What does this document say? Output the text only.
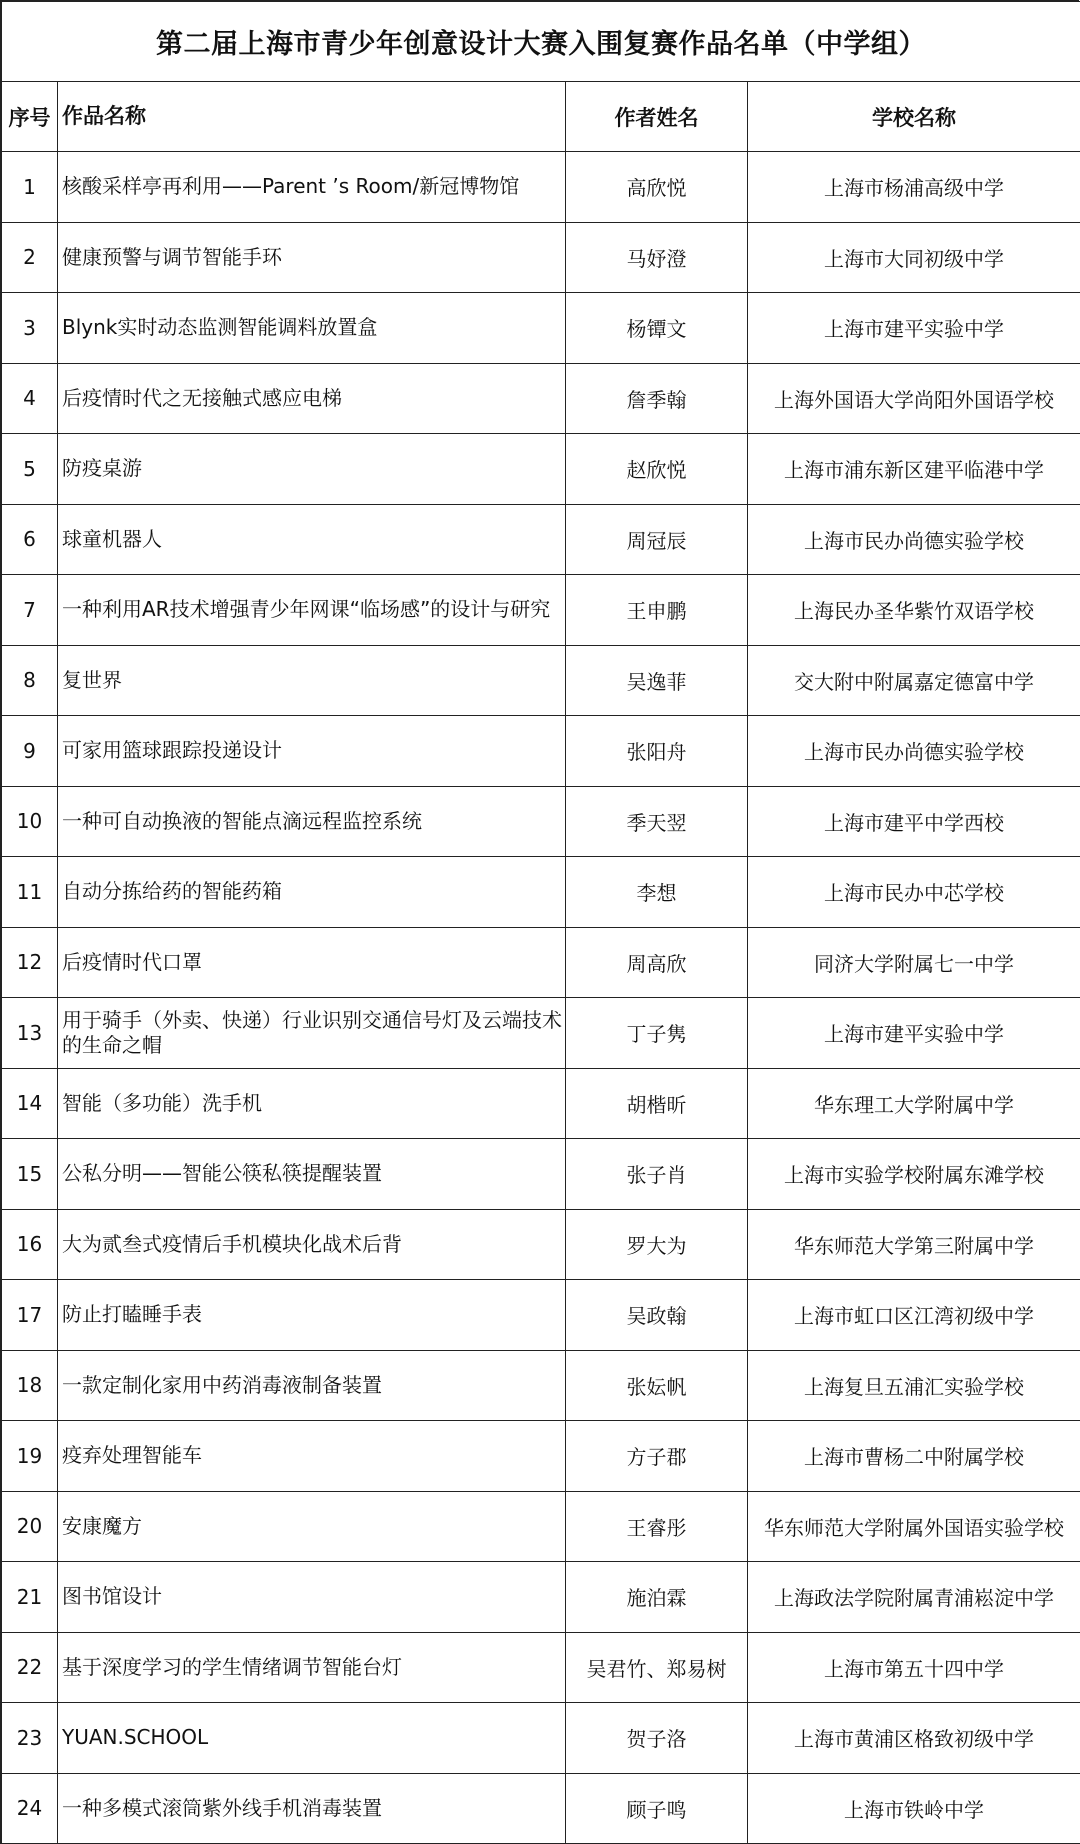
第二届上海市青少年创意设计大赛入围复赛作品名单（中学组）			
序号	作品名称	作者姓名	学校名称
1	核酸采样亭再利用——Parent ’s Room/新冠博物馆	高欣悦	上海市杨浦高级中学
2	健康预警与调节智能手环	马妤澄	上海市大同初级中学
3	Blynk实时动态监测智能调料放置盒	杨镡文	上海市建平实验中学
4	后疫情时代之无接触式感应电梯	詹季翰	上海外国语大学尚阳外国语学校
5	防疫桌游	赵欣悦	上海市浦东新区建平临港中学
6	球童机器人	周冠辰	上海市民办尚德实验学校
7	一种利用AR技术增强青少年网课“临场感”的设计与研究	王申鹏	上海民办圣华紫竹双语学校
8	复世界	吴逸菲	交大附中附属嘉定德富中学
9	可家用篮球跟踪投递设计	张阳舟	上海市民办尚德实验学校
10	一种可自动换液的智能点滴远程监控系统	季天翌	上海市建平中学西校
11	自动分拣给药的智能药箱	李想	上海市民办中芯学校
12	后疫情时代口罩	周高欣	同济大学附属七一中学
13	用于骑手（外卖、快递）行业识别交通信号灯及云端技术的生命之帽	丁子隽	上海市建平实验中学
14	智能（多功能）洗手机	胡楷昕	华东理工大学附属中学
15	公私分明——智能公筷私筷提醒装置	张子肖	上海市实验学校附属东滩学校
16	大为贰叁式疫情后手机模块化战术后背	罗大为	华东师范大学第三附属中学
17	防止打瞌睡手表	吴政翰	上海市虹口区江湾初级中学
18	一款定制化家用中药消毒液制备装置	张妘帆	上海复旦五浦汇实验学校
19	疫弃处理智能车	方子郡	上海市曹杨二中附属学校
20	安康魔方	王睿彤	华东师范大学附属外国语实验学校
21	图书馆设计	施泊霖	上海政法学院附属青浦崧淀中学
22	基于深度学习的学生情绪调节智能台灯	吴君竹、郑易树	上海市第五十四中学
23	YUAN.SCHOOL	贺子洛	上海市黄浦区格致初级中学
24	一种多模式滚筒紫外线手机消毒装置	顾子鸣	上海市铁岭中学
